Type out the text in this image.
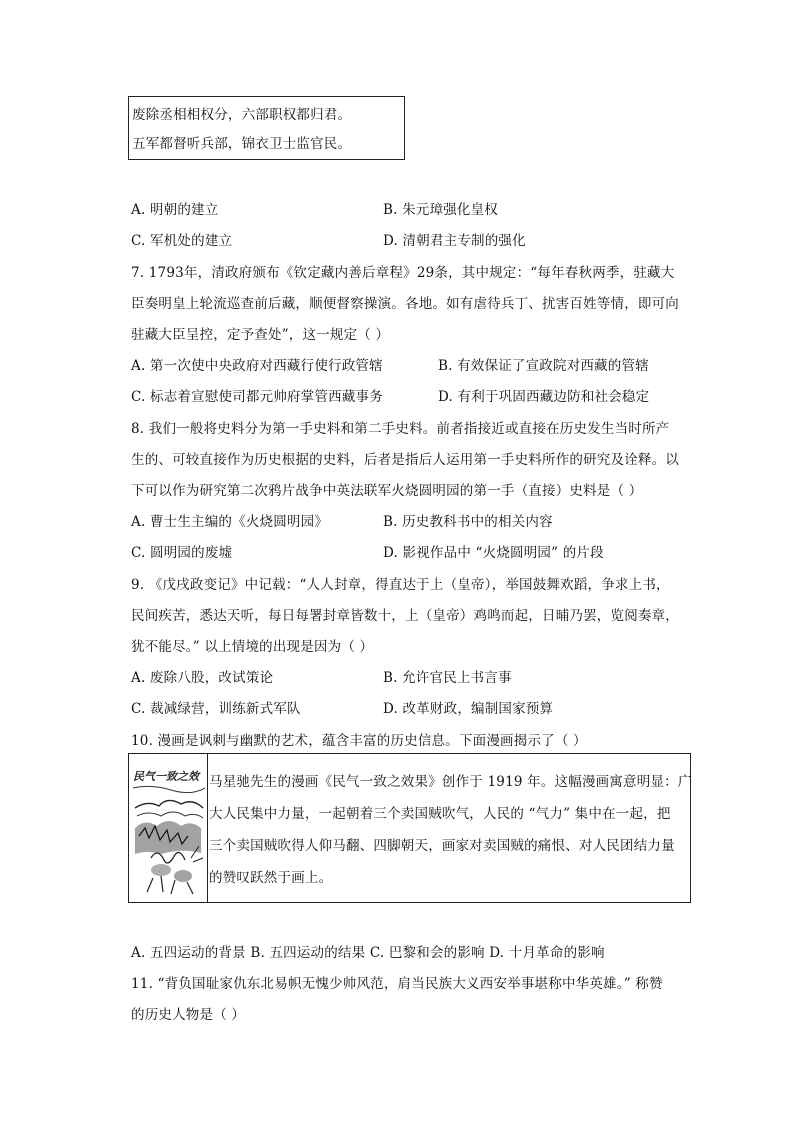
废除丞相相权分，六部职权都归君。
五军都督听兵部，锦衣卫士监官民。
A. 明朝的建立	B. 朱元璋强化皇权
C. 军机处的建立	D. 清朝君主专制的强化
7. 1793年，清政府颁布《钦定藏内善后章程》29条，其中规定：“每年春秋两季，驻藏大
臣奏明皇上轮流巡查前后藏，顺便督察操演。各地。如有虐待兵丁、扰害百姓等情，即可向
驻藏大臣呈控，定予查处”，这一规定（ ）
A. 第一次使中央政府对西藏行使行政管辖	B. 有效保证了宣政院对西藏的管辖
C. 标志着宣慰使司都元帅府掌管西藏事务	D. 有利于巩固西藏边防和社会稳定
8. 我们一般将史料分为第一手史料和第二手史料。前者指接近或直接在历史发生当时所产
生的、可较直接作为历史根据的史料，后者是指后人运用第一手史料所作的研究及诠释。以
下可以作为研究第二次鸦片战争中英法联军火烧圆明园的第一手（直接）史料是（ ）
A. 曹士生主编的《火烧圆明园》	B. 历史教科书中的相关内容
C. 圆明园的废墟	D. 影视作品中 “火烧圆明园” 的片段
9. 《戊戌政变记》中记载：“人人封章，得直达于上（皇帝），举国鼓舞欢蹈，争求上书，
民间疾苦，悉达天听，每日每署封章皆数十，上（皇帝）鸡鸣而起，日晡乃罢，览阅奏章，
犹不能尽。” 以上情境的出现是因为（ ）
A. 废除八股，改试策论	B. 允许官民上书言事
C. 裁减绿营，训练新式军队	D. 改革财政，编制国家预算
10. 漫画是讽刺与幽默的艺术，蕴含丰富的历史信息。下面漫画揭示了（ ）
民气一致之效 马星驰先生的漫画《民气一致之效果》创作于 1919 年。这幅漫画寓意明显：广
大人民集中力量，一起朝着三个卖国贼吹气，人民的 “气力” 集中在一起，把
三个卖国贼吹得人仰马翻、四脚朝天，画家对卖国贼的痛恨、对人民团结力量
的赞叹跃然于画上。
A. 五四运动的背景 B. 五四运动的结果 C. 巴黎和会的影响 D. 十月革命的影响
11. “背负国耻家仇东北易帜无愧少帅风范，肩当民族大义西安举事堪称中华英雄。” 称赞
的历史人物是（ ）
